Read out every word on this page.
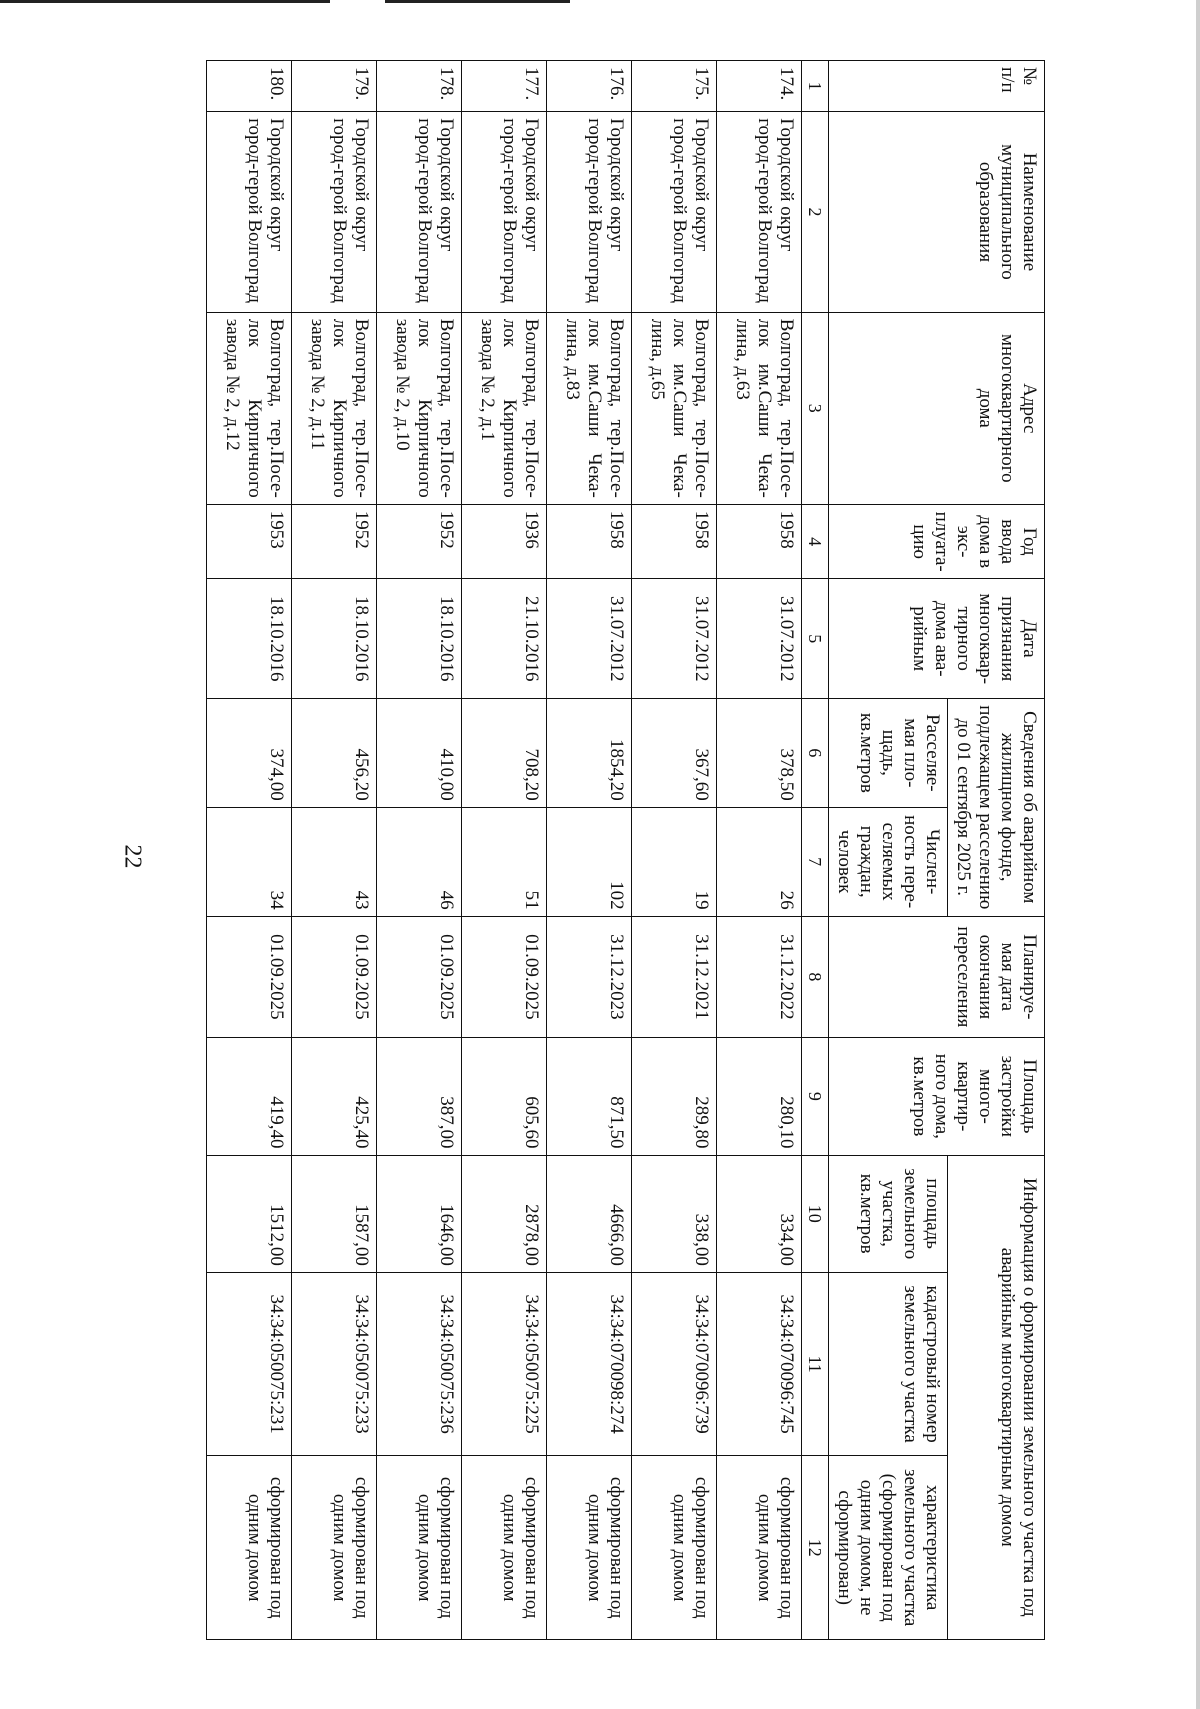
22
№ п/п	Наименование муниципального образования	Адрес многоквартирного дома	Год ввода дома в экс-плуата-цию	Дата признания многоквар-тирного дома ава-рийным	Сведения об аварийном жилищном фонде, подлежащем расселению до 01 сентября 2025 г.		Планируе-мая дата окончания переселения	Площадь застройки много-квартир-ного дома, кв.метров	Информация о формировании земельного участка под аварийным многоквартирным домом		
					Расселяе-мая пло-щадь, кв.метров	Числен-ность пере-селяемых граждан, человек			площадь земельного участка, кв.метров	кадастровый номер земельного участка	характеристика земельного участка (сформирован под одним домом, не сформирован)
1	2	3	4	5	6	7	8	9	10	11	12
174.	Городской округ город-герой Волгоград	Волгоград, тер.Посе-лок им.Саши Чека-лина, д.63	1958	31.07.2012	378,50	26	31.12.2022	280,10	334,00	34:34:070096:745	сформирован под одним домом
175.	Городской округ город-герой Волгоград	Волгоград, тер.Посе-лок им.Саши Чека-лина, д.65	1958	31.07.2012	367,60	19	31.12.2021	289,80	338,00	34:34:070096:739	сформирован под одним домом
176.	Городской округ город-герой Волгоград	Волгоград, тер.Посе-лок им.Саши Чека-лина, д.83	1958	31.07.2012	1854,20	102	31.12.2023	871,50	4666,00	34:34:070098:274	сформирован под одним домом
177.	Городской округ город-герой Волгоград	Волгоград, тер.Посе-лок Кирпичного завода № 2, д.1	1936	21.10.2016	708,20	51	01.09.2025	605,60	2878,00	34:34:050075:225	сформирован под одним домом
178.	Городской округ город-герой Волгоград	Волгоград, тер.Посе-лок Кирпичного завода № 2, д.10	1952	18.10.2016	410,00	46	01.09.2025	387,00	1646,00	34:34:050075:236	сформирован под одним домом
179.	Городской округ город-герой Волгоград	Волгоград, тер.Посе-лок Кирпичного завода № 2, д.11	1952	18.10.2016	456,20	43	01.09.2025	425,40	1587,00	34:34:050075:233	сформирован под одним домом
180.	Городской округ город-герой Волгоград	Волгоград, тер.Посе-лок Кирпичного завода № 2, д.12	1953	18.10.2016	374,00	34	01.09.2025	419,40	1512,00	34:34:050075:231	сформирован под одним домом
